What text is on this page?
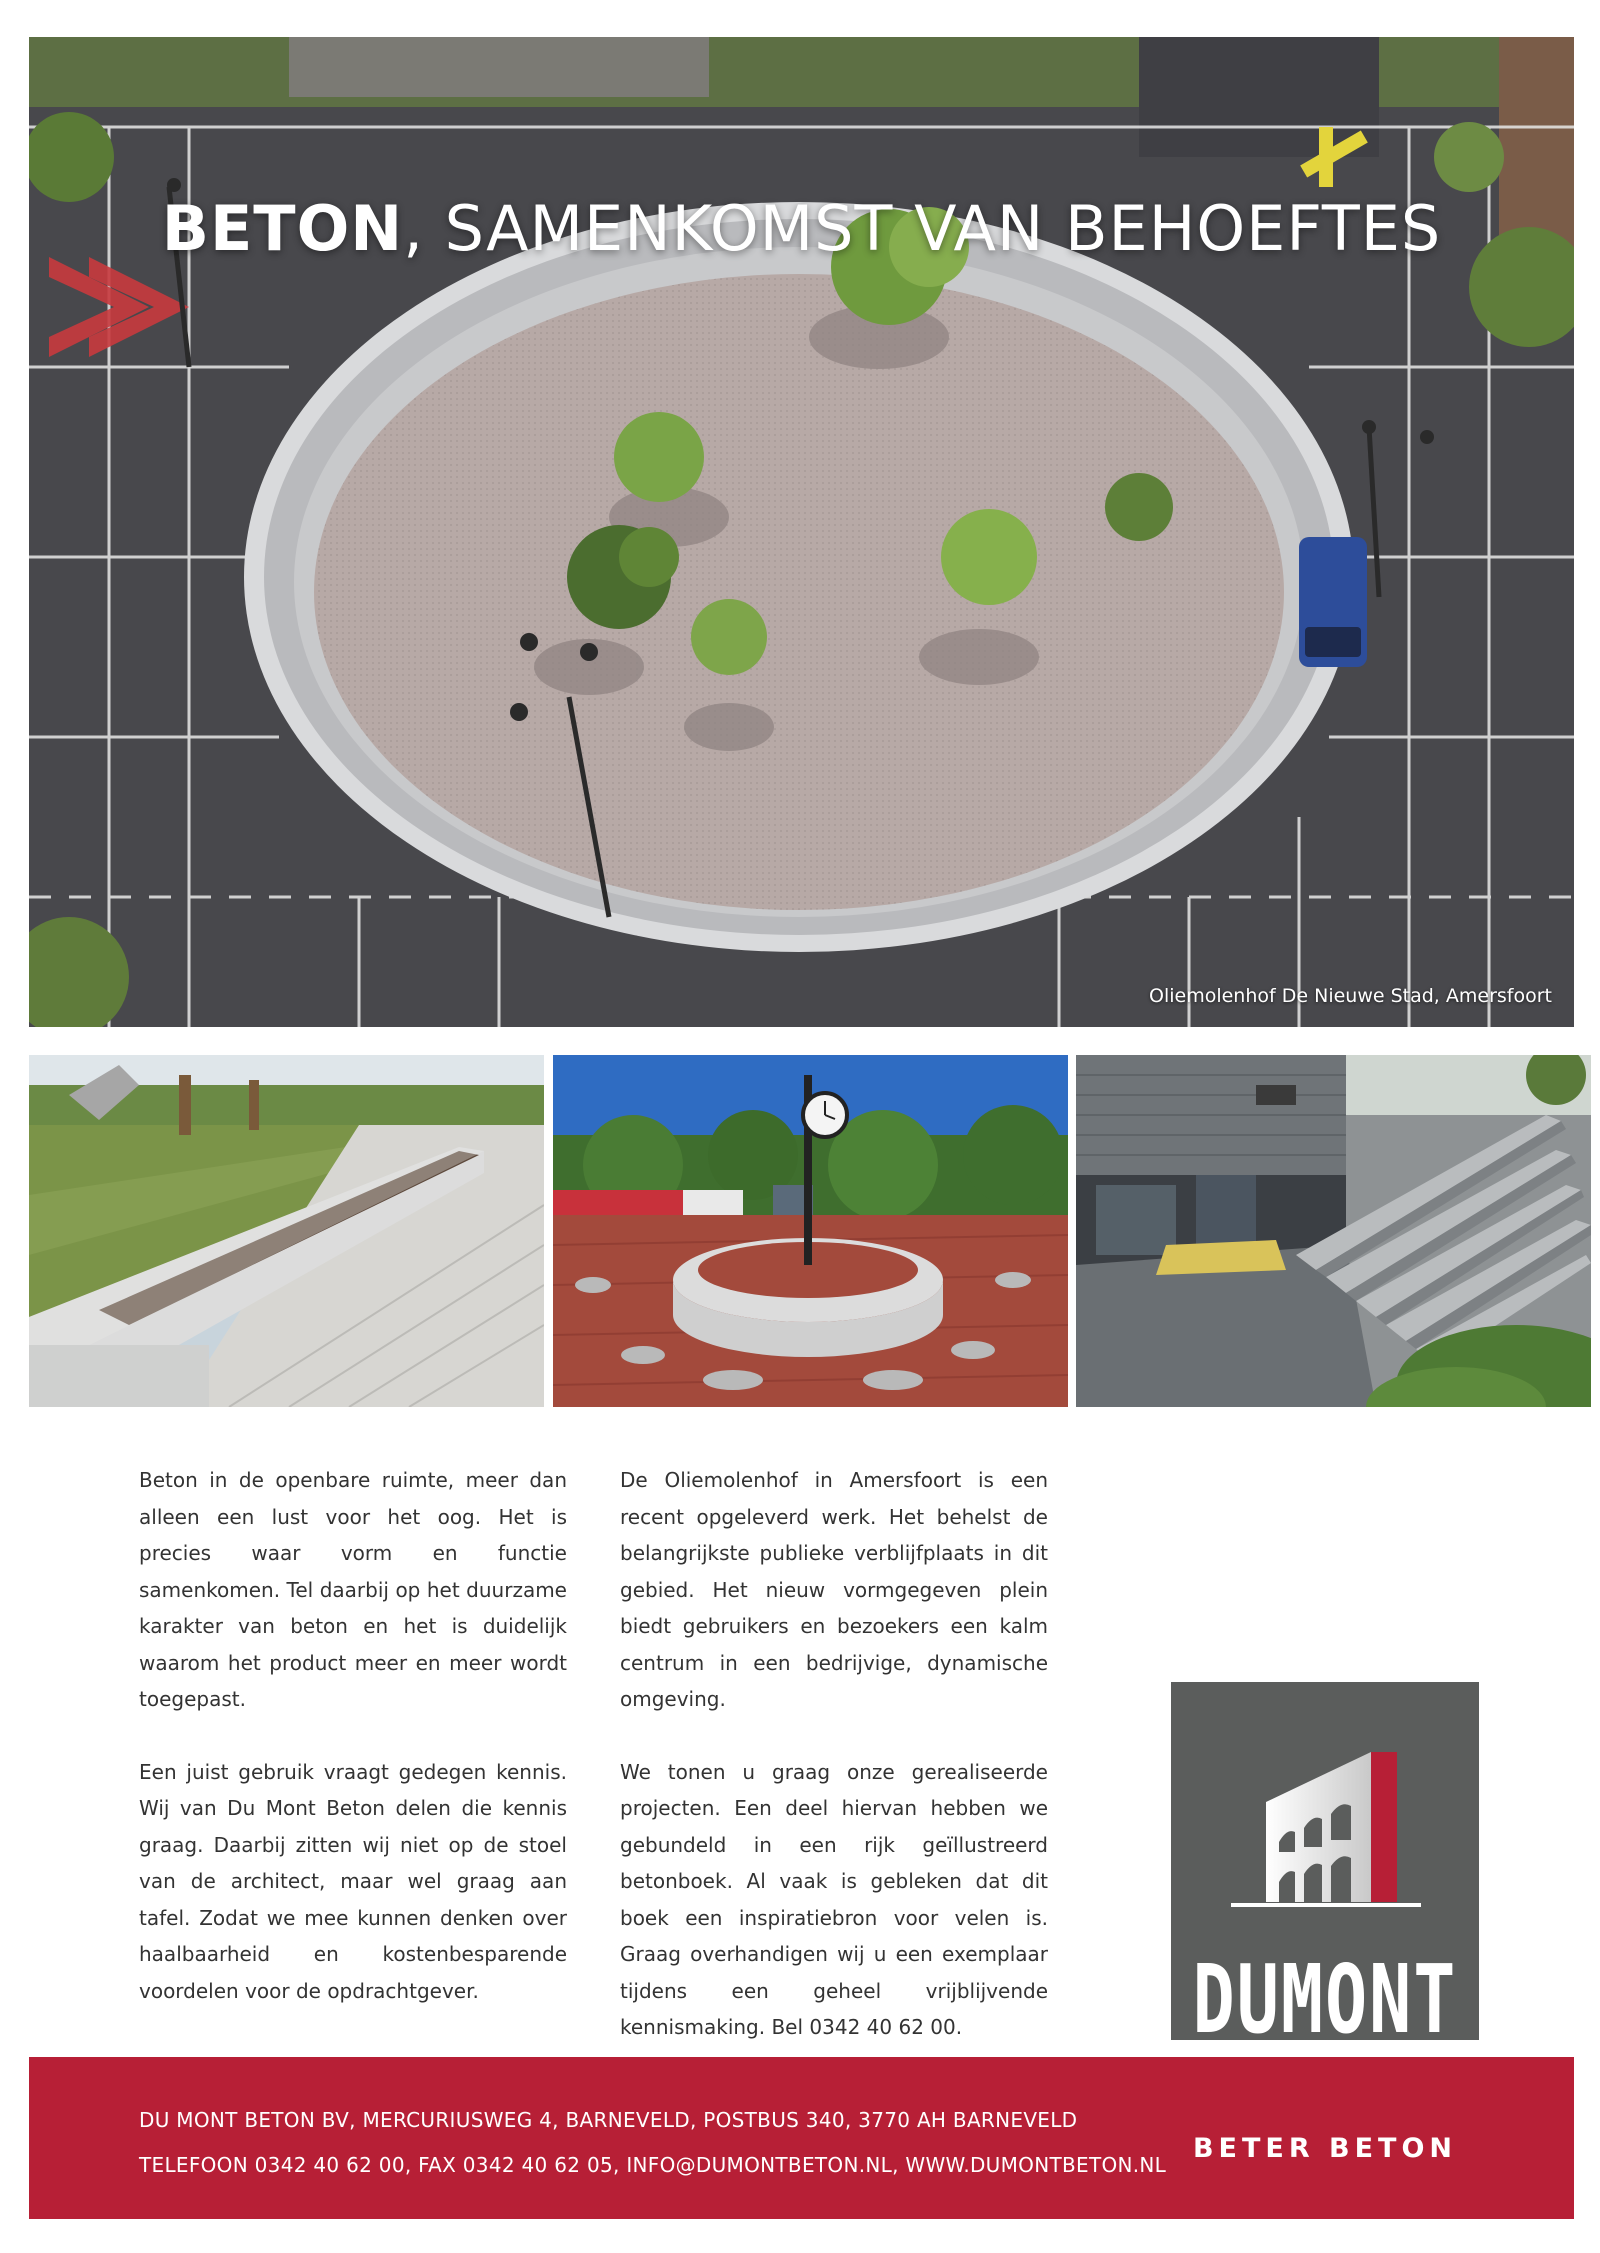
BETON, SAMENKOMST VAN BEHOEFTES
Oliemolenhof De Nieuwe Stad, Amersfoort

Beton in de openbare ruimte, meer dan alleen een lust voor het oog. Het is precies waar vorm en functie samenkomen. Tel daarbij op het duurzame karakter van beton en het is duidelijk waarom het product meer en meer wordt toegepast.

Een juist gebruik vraagt gedegen kennis. Wij van Du Mont Beton delen die kennis graag. Daarbij zitten wij niet op de stoel van de architect, maar wel graag aan tafel. Zodat we mee kunnen denken over haalbaarheid en kostenbesparende voordelen voor de opdrachtgever.

De Oliemolenhof in Amersfoort is een recent opgeleverd werk. Het behelst de belangrijkste publieke verblijfplaats in dit gebied. Het nieuw vormgegeven plein biedt gebruikers en bezoekers een kalm centrum in een bedrijvige, dynamische omgeving.

We tonen u graag onze gerealiseerde projecten. Een deel hiervan hebben we gebundeld in een rijk geïllustreerd betonboek. Al vaak is gebleken dat dit boek een inspiratiebron voor velen is. Graag overhandigen wij u een exemplaar tijdens een geheel vrijblijvende kennismaking. Bel 0342 40 62 00.

DU MONT BETON BV, MERCURIUSWEG 4, BARNEVELD, POSTBUS 340, 3770 AH BARNEVELD
TELEFOON 0342 40 62 00, FAX 0342 40 62 05, INFO@DUMONTBETON.NL, WWW.DUMONTBETON.NL
DUMONT
BETER BETON
